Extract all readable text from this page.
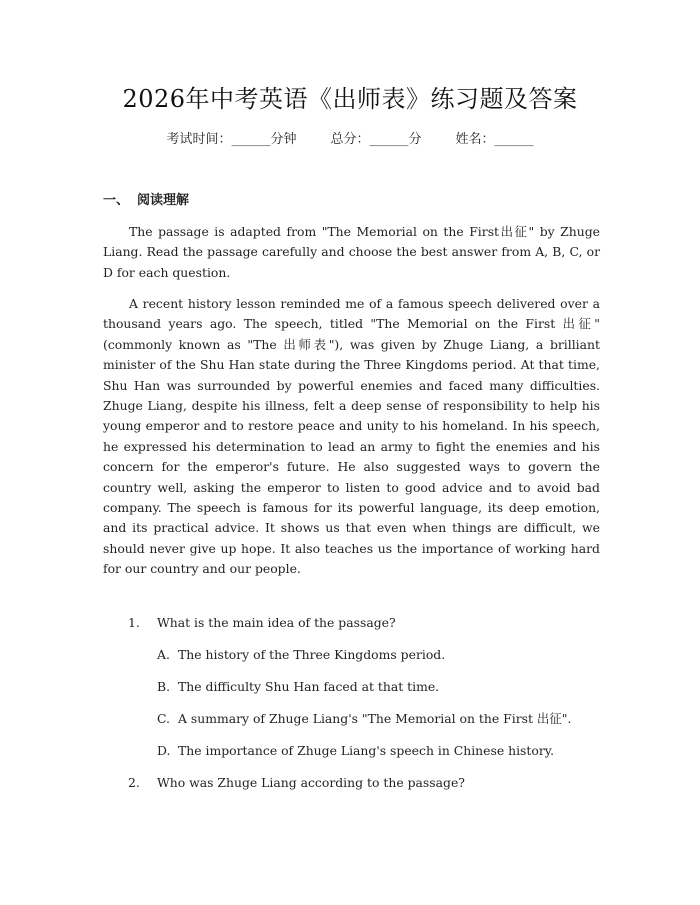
2026年中考英语《出师表》练习题及答案
考试时间：______分钟	总分：______分	姓名：______
一、 阅读理解
The passage is adapted from "The Memorial on the First出征" by Zhuge Liang. Read the passage carefully and choose the best answer from A, B, C, or D for each question.
A recent history lesson reminded me of a famous speech delivered over a thousand years ago. The speech, titled "The Memorial on the First 出征" (commonly known as "The 出师表"), was given by Zhuge Liang, a brilliant minister of the Shu Han state during the Three Kingdoms period. At that time, Shu Han was surrounded by powerful enemies and faced many difficulties. Zhuge Liang, despite his illness, felt a deep sense of responsibility to help his young emperor and to restore peace and unity to his homeland. In his speech, he expressed his determination to lead an army to fight the enemies and his concern for the emperor's future. He also suggested ways to govern the country well, asking the emperor to listen to good advice and to avoid bad company. The speech is famous for its powerful language, its deep emotion, and its practical advice. It shows us that even when things are difficult, we should never give up hope. It also teaches us the importance of working hard for our country and our people.
1. What is the main idea of the passage?
A. The history of the Three Kingdoms period.
B. The difficulty Shu Han faced at that time.
C. A summary of Zhuge Liang's "The Memorial on the First 出征".
D. The importance of Zhuge Liang's speech in Chinese history.
2. Who was Zhuge Liang according to the passage?
